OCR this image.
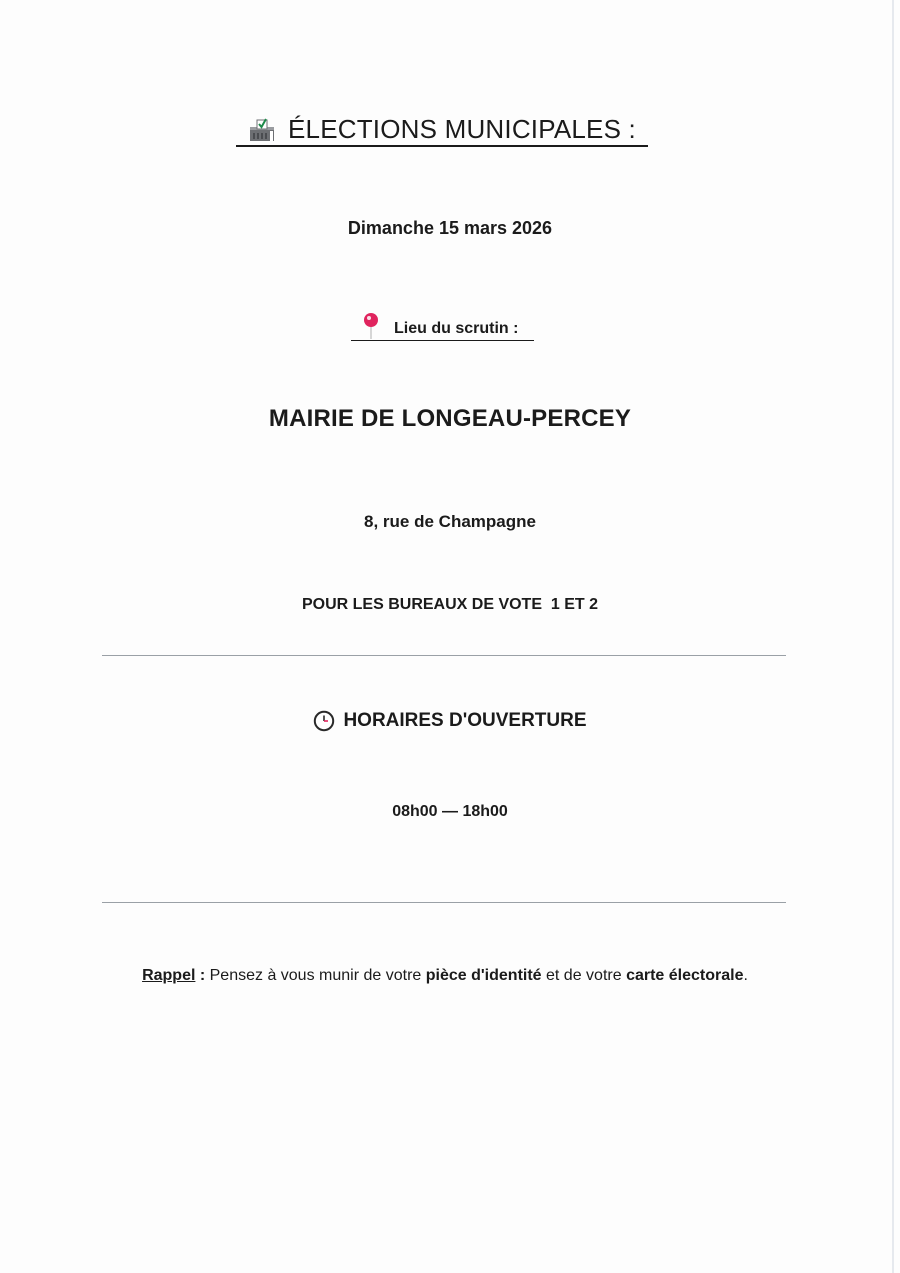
ÉLECTIONS MUNICIPALES :
Dimanche 15 mars 2026
Lieu du scrutin :
MAIRIE DE LONGEAU-PERCEY
8, rue de Champagne
POUR LES BUREAUX DE VOTE  1 ET 2
HORAIRES D'OUVERTURE
08h00 — 18h00
Rappel : Pensez à vous munir de votre pièce d'identité et de votre carte électorale.
